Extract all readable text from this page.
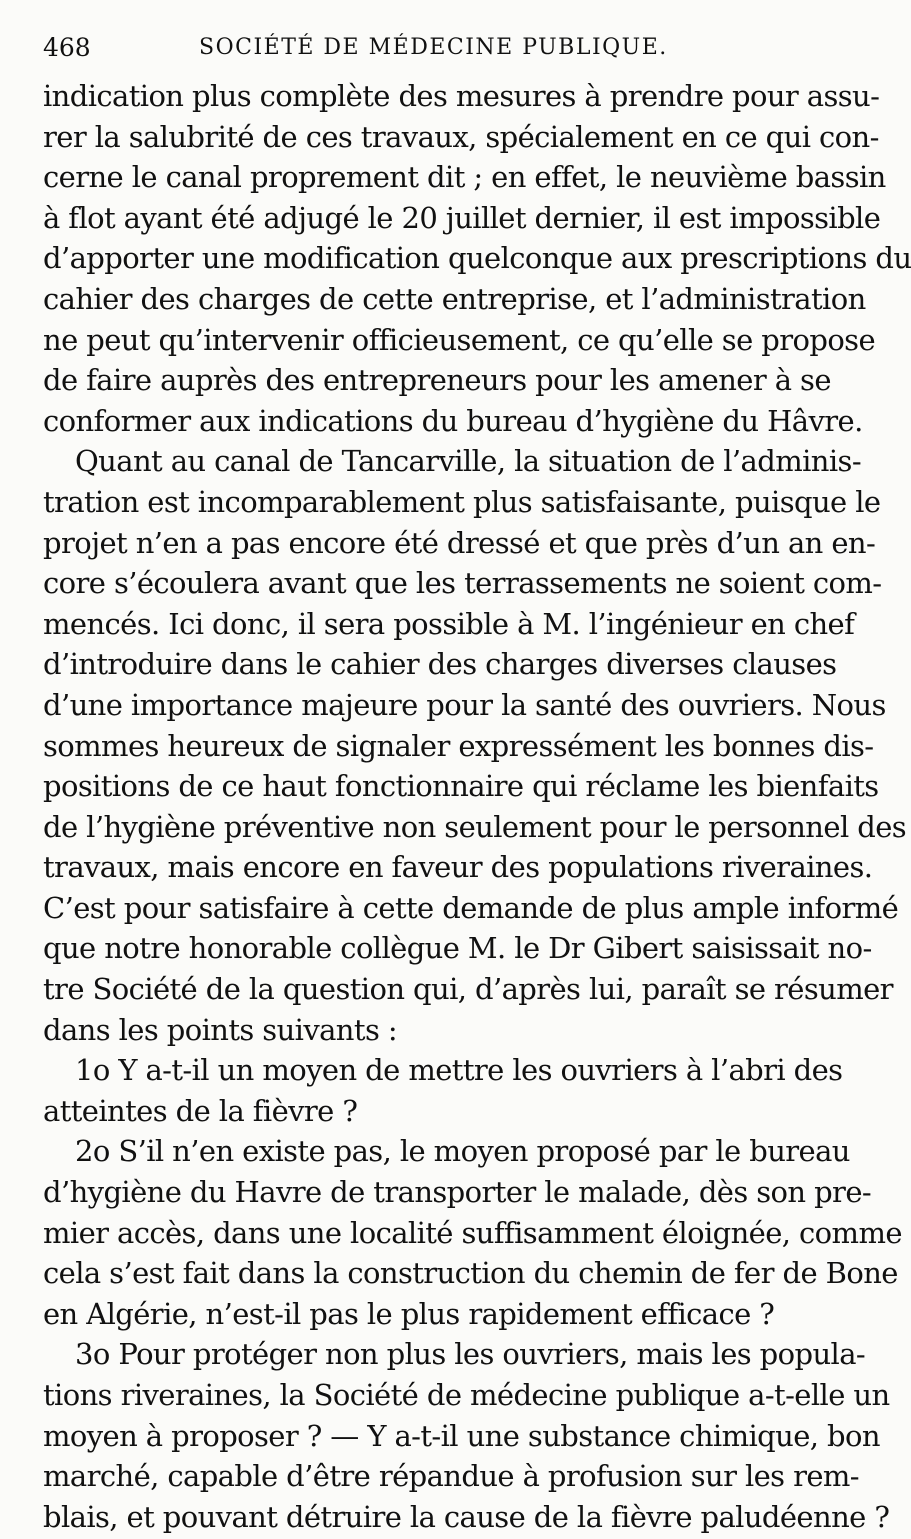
468	SOCIÉTÉ DE MÉDECINE PUBLIQUE.
indication plus complète des mesures à prendre pour assu-
rer la salubrité de ces travaux, spécialement en ce qui con-
cerne le canal proprement dit ; en effet, le neuvième bassin
à flot ayant été adjugé le 20 juillet dernier, il est impossible
d’apporter une modification quelconque aux prescriptions du
cahier des charges de cette entreprise, et l’administration
ne peut qu’intervenir officieusement, ce qu’elle se propose
de faire auprès des entrepreneurs pour les amener à se
conformer aux indications du bureau d’hygiène du Hâvre.
Quant au canal de Tancarville, la situation de l’adminis-
tration est incomparablement plus satisfaisante, puisque le
projet n’en a pas encore été dressé et que près d’un an en-
core s’écoulera avant que les terrassements ne soient com-
mencés. Ici donc, il sera possible à M. l’ingénieur en chef
d’introduire dans le cahier des charges diverses clauses
d’une importance majeure pour la santé des ouvriers. Nous
sommes heureux de signaler expressément les bonnes dis-
positions de ce haut fonctionnaire qui réclame les bienfaits
de l’hygiène préventive non seulement pour le personnel des
travaux, mais encore en faveur des populations riveraines.
C’est pour satisfaire à cette demande de plus ample informé
que notre honorable collègue M. le Dr Gibert saisissait no-
tre Société de la question qui, d’après lui, paraît se résumer
dans les points suivants :
1o Y a-t-il un moyen de mettre les ouvriers à l’abri des
atteintes de la fièvre ?
2o S’il n’en existe pas, le moyen proposé par le bureau
d’hygiène du Havre de transporter le malade, dès son pre-
mier accès, dans une localité suffisamment éloignée, comme
cela s’est fait dans la construction du chemin de fer de Bone
en Algérie, n’est-il pas le plus rapidement efficace ?
3o Pour protéger non plus les ouvriers, mais les popula-
tions riveraines, la Société de médecine publique a-t-elle un
moyen à proposer ? — Y a-t-il une substance chimique, bon
marché, capable d’être répandue à profusion sur les rem-
blais, et pouvant détruire la cause de la fièvre paludéenne ?
